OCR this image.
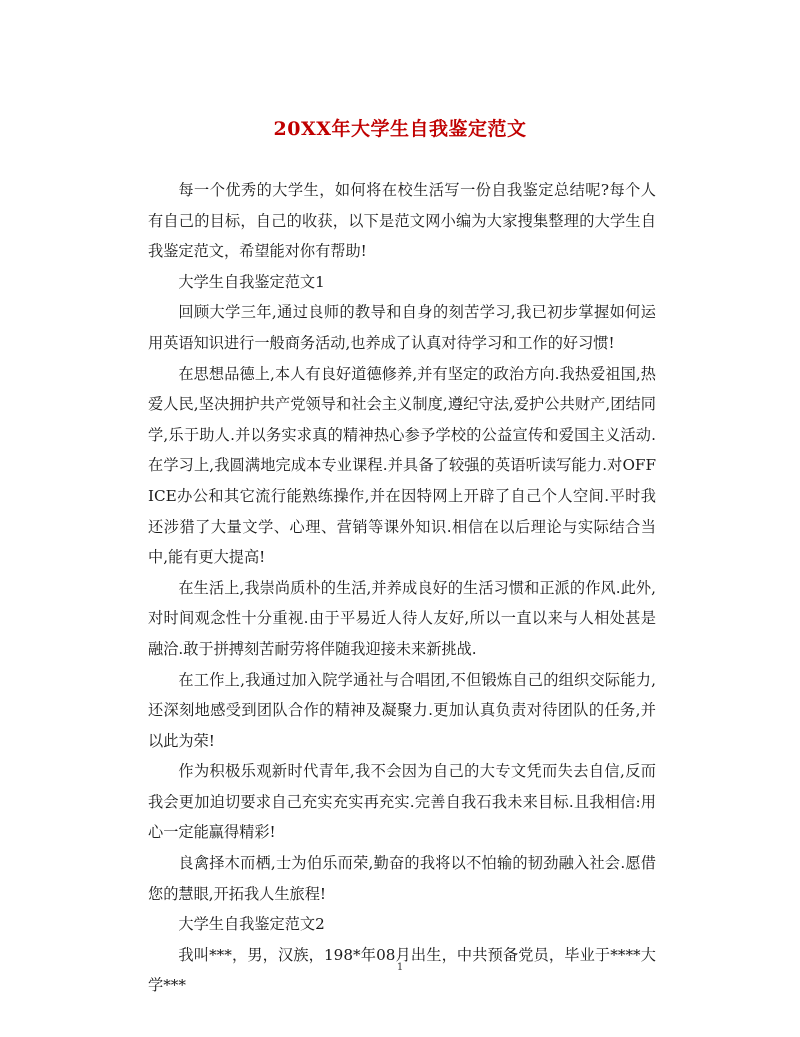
20XX年大学生自我鉴定范文

每一个优秀的大学生，如何将在校生活写一份自我鉴定总结呢?每个人有自己的目标，自己的收获，以下是范文网小编为大家搜集整理的大学生自我鉴定范文，希望能对你有帮助!

大学生自我鉴定范文1

回顾大学三年,通过良师的教导和自身的刻苦学习,我已初步掌握如何运用英语知识进行一般商务活动,也养成了认真对待学习和工作的好习惯!

在思想品德上,本人有良好道德修养,并有坚定的政治方向.我热爱祖国,热爱人民,坚决拥护共产党领导和社会主义制度,遵纪守法,爱护公共财产,团结同学,乐于助人.并以务实求真的精神热心参予学校的公益宣传和爱国主义活动. 在学习上,我圆满地完成本专业课程.并具备了较强的英语听读写能力.对OFFICE办公和其它流行能熟练操作,并在因特网上开辟了自己个人空间.平时我还涉猎了大量文学、心理、营销等课外知识.相信在以后理论与实际结合当中,能有更大提高!

在生活上,我崇尚质朴的生活,并养成良好的生活习惯和正派的作风.此外,对时间观念性十分重视.由于平易近人待人友好,所以一直以来与人相处甚是融洽.敢于拼搏刻苦耐劳将伴随我迎接未来新挑战.

在工作上,我通过加入院学通社与合唱团,不但锻炼自己的组织交际能力,还深刻地感受到团队合作的精神及凝聚力.更加认真负责对待团队的任务,并以此为荣!

作为积极乐观新时代青年,我不会因为自己的大专文凭而失去自信,反而我会更加迫切要求自己充实充实再充实.完善自我石我未来目标.且我相信:用心一定能赢得精彩!

良禽择木而栖,士为伯乐而荣,勤奋的我将以不怕输的韧劲融入社会.愿借您的慧眼,开拓我人生旅程!

大学生自我鉴定范文2

我叫***，男，汉族，198*年08月出生，中共预备党员，毕业于****大学***

1
